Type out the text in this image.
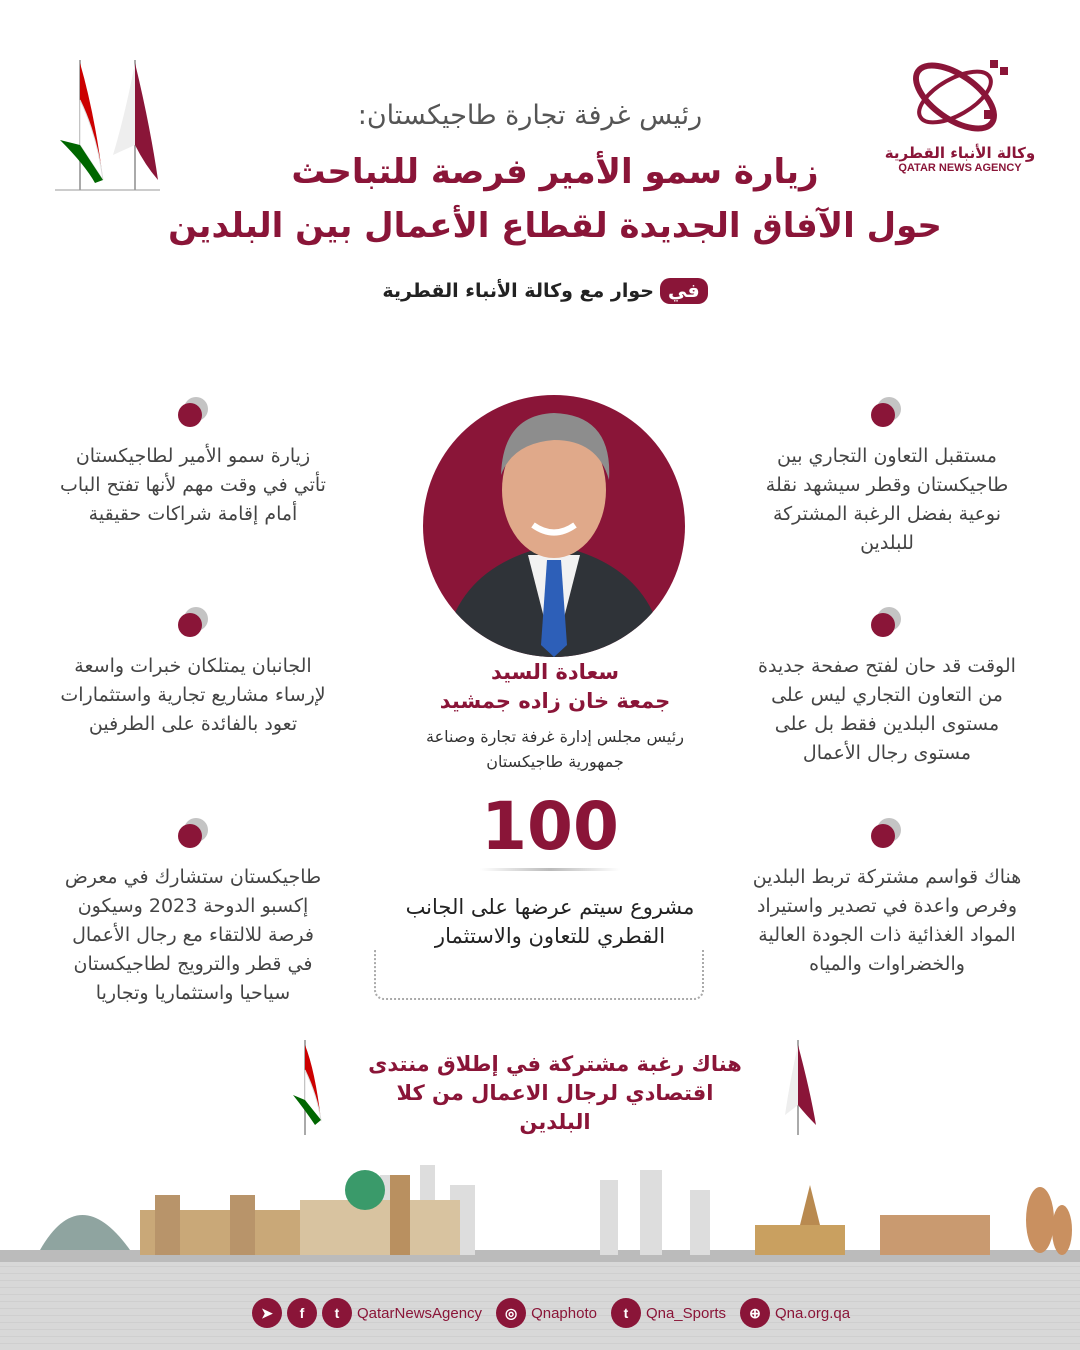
وكالة الأنباء القطرية
QATAR NEWS AGENCY
رئيس غرفة تجارة طاجيكستان:
زيارة سمو الأمير فرصة للتباحث
حول الآفاق الجديدة لقطاع الأعمال بين البلدين
في
حوار مع وكالة الأنباء القطرية
زيارة سمو الأمير لطاجيكستان تأتي في وقت مهم لأنها تفتح الباب أمام إقامة شراكات حقيقية
الجانبان يمتلكان خبرات واسعة لإرساء مشاريع تجارية واستثمارات تعود بالفائدة على الطرفين
طاجيكستان ستشارك في معرض إكسبو الدوحة 2023 وسيكون فرصة للالتقاء مع رجال الأعمال في قطر والترويج لطاجيكستان سياحيا واستثماريا وتجاريا
مستقبل التعاون التجاري بين طاجيكستان وقطر سيشهد نقلة نوعية بفضل الرغبة المشتركة للبلدين
الوقت قد حان لفتح صفحة جديدة من التعاون التجاري ليس على مستوى البلدين فقط بل على مستوى رجال الأعمال
هناك قواسم مشتركة تربط البلدين وفرص واعدة في تصدير واستيراد المواد الغذائية ذات الجودة العالية والخضراوات والمياه
سعادة السيد
جمعة خان زاده جمشيد
رئيس مجلس إدارة غرفة تجارة وصناعة جمهورية طاجيكستان
100
مشروع سيتم عرضها على الجانب القطري للتعاون والاستثمار
هناك رغبة مشتركة في إطلاق منتدى اقتصادي لرجال الاعمال من كلا البلدين
➤	f	t	QatarNewsAgency	◎ Qnaphoto	t	Qna_Sports	⊕ Qna.org.qa
